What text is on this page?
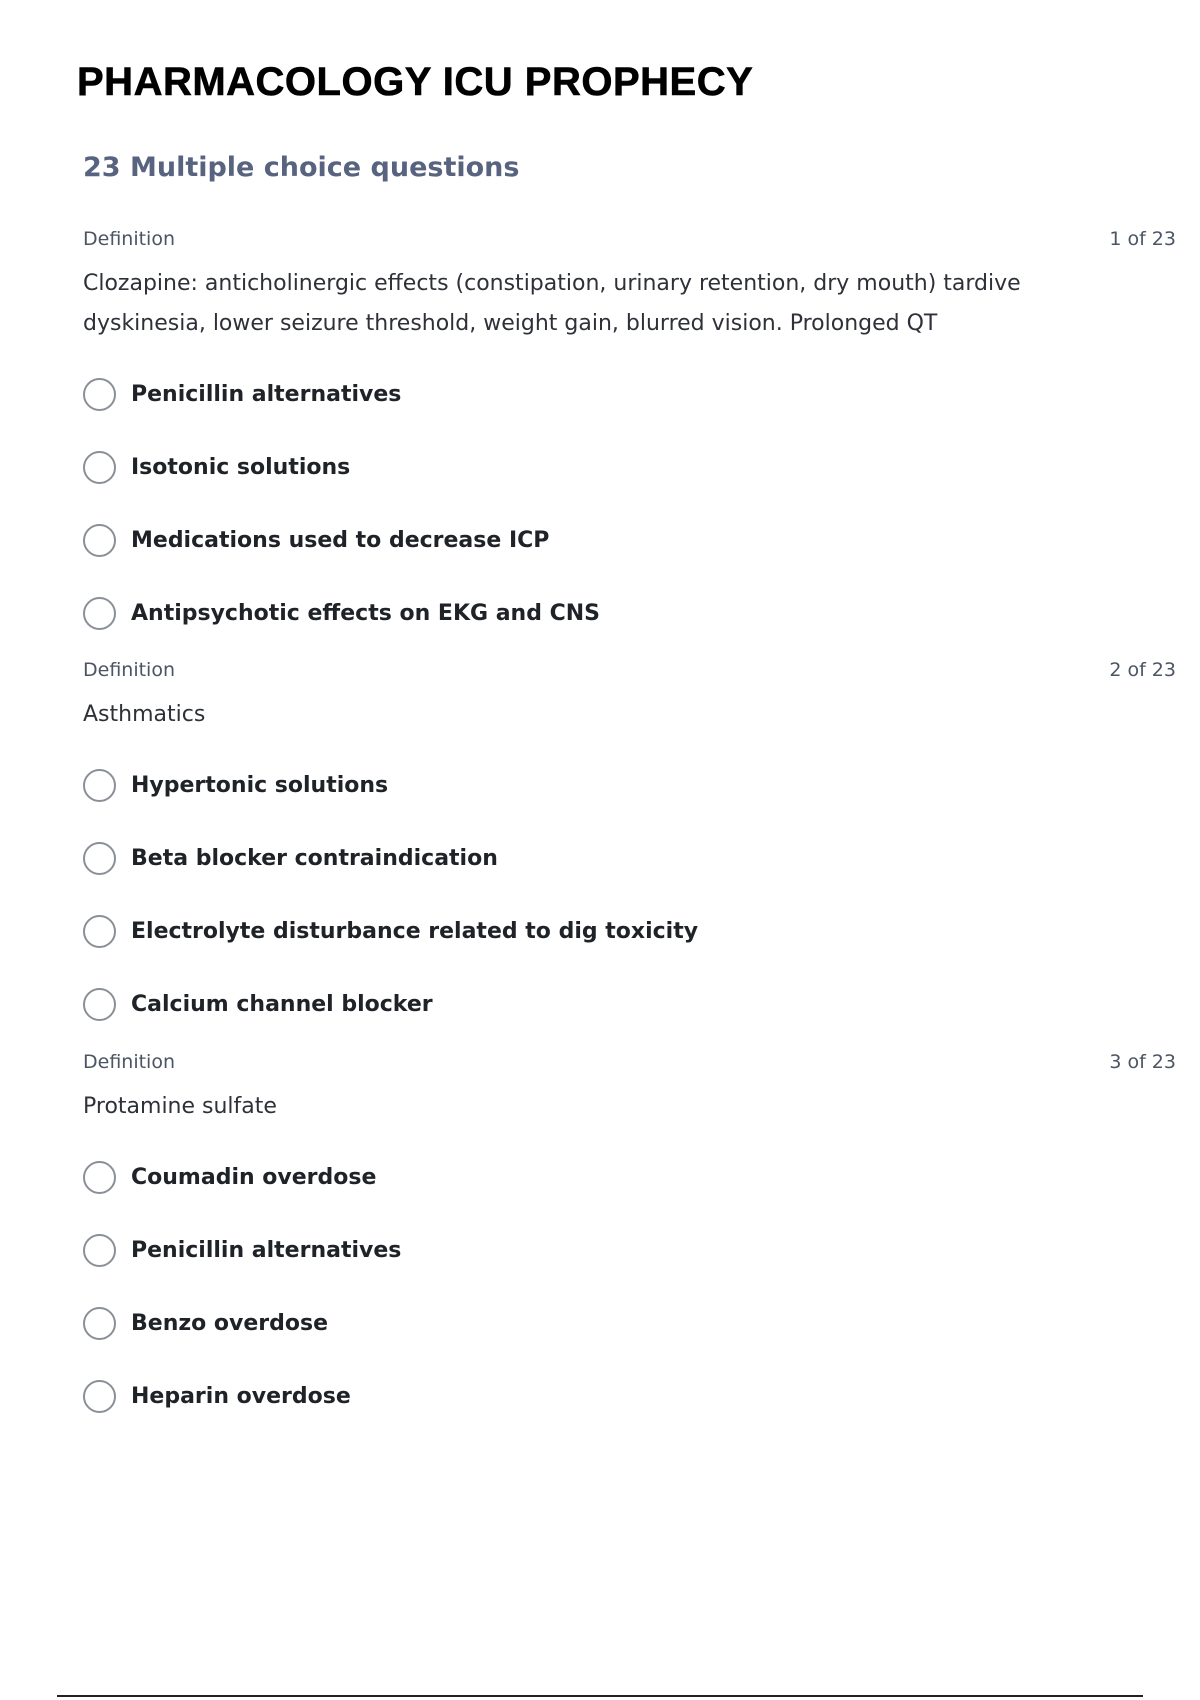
PHARMACOLOGY ICU PROPHECY
23 Multiple choice questions
Definition	1 of 23
Clozapine: anticholinergic effects (constipation, urinary retention, dry mouth) tardive dyskinesia, lower seizure threshold, weight gain, blurred vision. Prolonged QT
Penicillin alternatives
Isotonic solutions
Medications used to decrease ICP
Antipsychotic effects on EKG and CNS
Definition	2 of 23
Asthmatics
Hypertonic solutions
Beta blocker contraindication
Electrolyte disturbance related to dig toxicity
Calcium channel blocker
Definition	3 of 23
Protamine sulfate
Coumadin overdose
Penicillin alternatives
Benzo overdose
Heparin overdose
